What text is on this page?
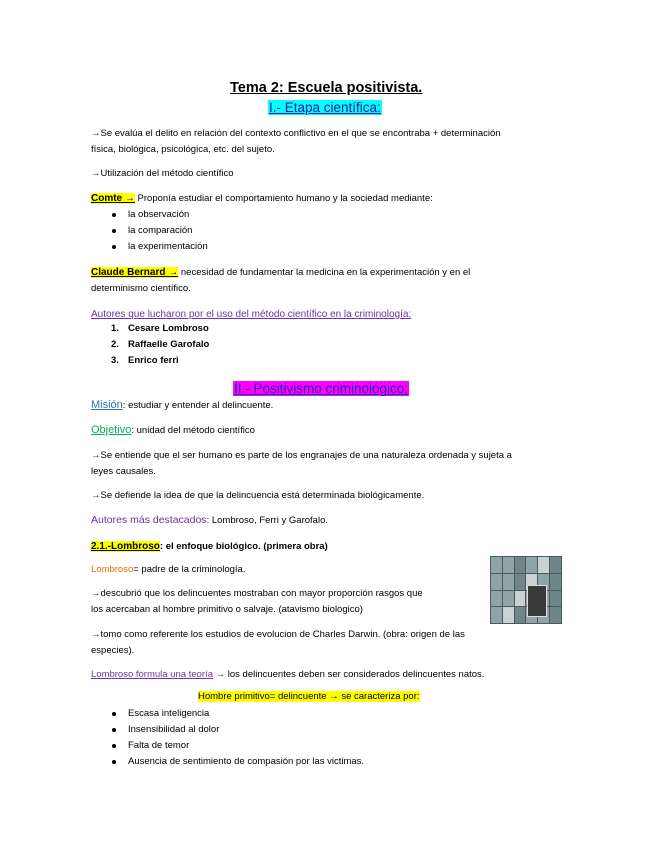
Tema 2: Escuela positivista.
I.- Etapa científica:
→Se evalúa el delito en relación del contexto conflictivo en el que se encontraba + determinación
física, biológica, psicológica, etc. del sujeto.
→Utilización del método científico
Comte → Proponía estudiar el comportamiento humano y la sociedad mediante:
la observación
la comparación
la experimentación
Claude Bernard → necesidad de fundamentar la medicina en la experimentación y en el
determinismo científico.
Autores que lucharon por el uso del método científico en la criminología:
1. Cesare Lombroso
2. Raffaelle Garofalo
3. Enrico ferri
II.- Positivismo criminológico:
Misión: estudiar y entender al delincuente.
Objetivo: unidad del método científico
→Se entiende que el ser humano es parte de los engranajes de una naturaleza ordenada y sujeta a
leyes causales.
→Se defiende la idea de que la delincuencia está determinada biológicamente.
Autores más destacados: Lombroso, Ferri y Garofalo.
2.1.-Lombroso: el enfoque biológico. (primera obra)
Lombroso= padre de la criminología.
→descubrió que los delincuentes mostraban con mayor proporción rasgos que
los acercaban al hombre primitivo o salvaje. (atavismo biologico)
→tomo como referente los estudios de evolucion de Charles Darwin. (obra: origen de las
especies).
Lombroso formula una teoría → los delincuentes deben ser considerados delincuentes natos.
Hombre primitivo= delincuente → se caracteriza por:
Escasa inteligencia
Insensibilidad al dolor
Falta de temor
Ausencia de sentimiento de compasión por las victimas.
